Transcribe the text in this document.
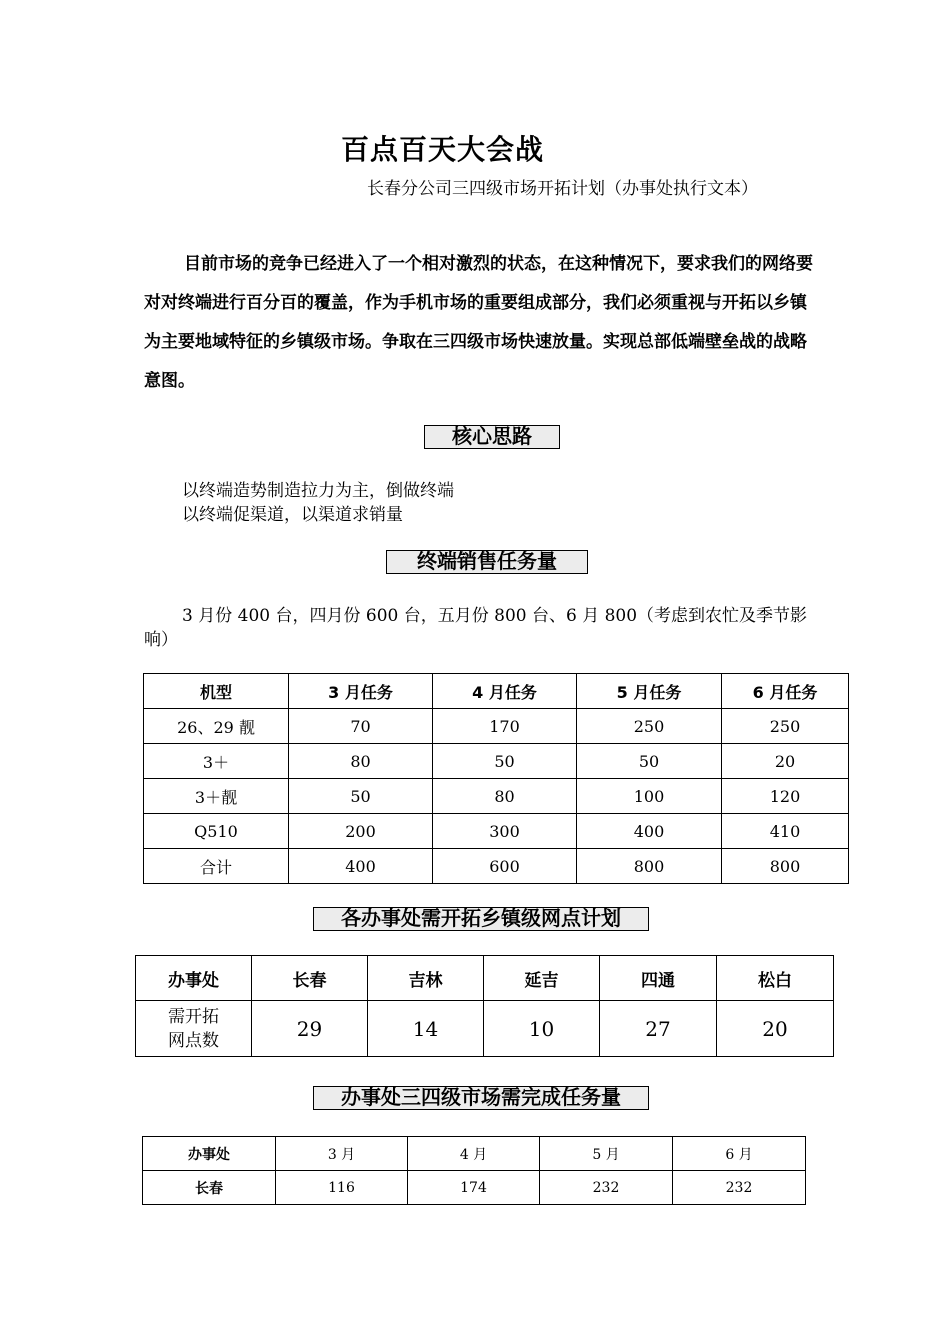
百点百天大会战
长春分公司三四级市场开拓计划（办事处执行文本）

目前市场的竞争已经进入了一个相对激烈的状态，在这种情况下，要求我们的网络要对对终端进行百分百的覆盖，作为手机市场的重要组成部分，我们必须重视与开拓以乡镇为主要地域特征的乡镇级市场。争取在三四级市场快速放量。实现总部低端壁垒战的战略意图。

核心思路
以终端造势制造拉力为主，倒做终端
以终端促渠道，以渠道求销量
终端销售任务量
3 月份 400 台，四月份 600 台，五月份 800 台、6 月 800（考虑到农忙及季节影
响）
机型	3 月任务	4 月任务	5 月任务	6 月任务
26、29 靓	70	170	250	250
3＋	80	50	50	20
3＋靓	50	80	100	120
Q510	200	300	400	410
合计	400	600	800	800
各办事处需开拓乡镇级网点计划
办事处	长春	吉林	延吉	四通	松白

需开拓
网点数	29	14	10	27	20
办事处三四级市场需完成任务量
办事处	3 月	4 月	5 月	6 月
长春	116	174	232	232
